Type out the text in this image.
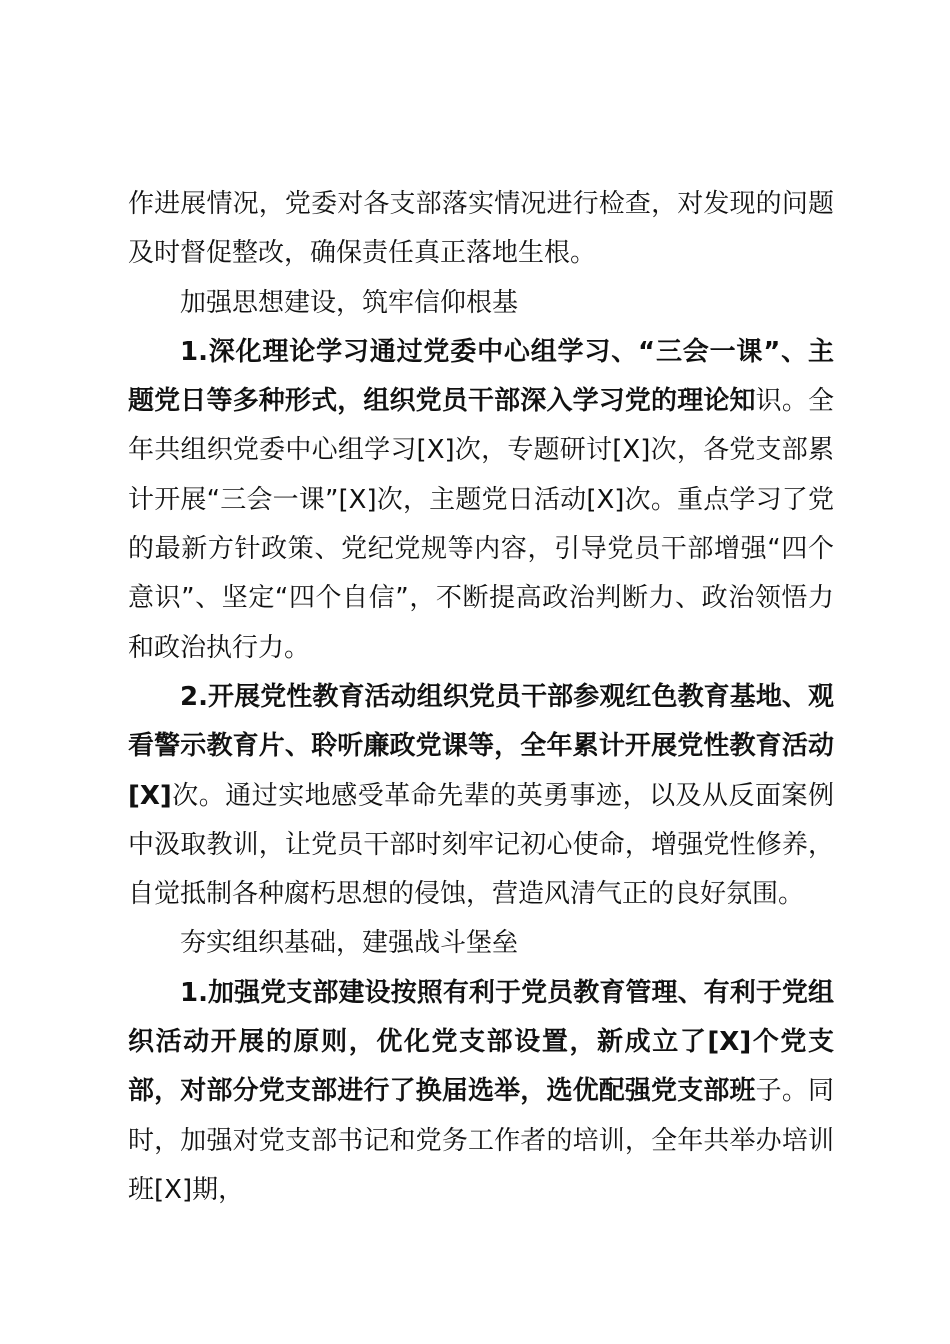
作进展情况，党委对各支部落实情况进行检查，对发现的问题及时督促整改，确保责任真正落地生根。

加强思想建设，筑牢信仰根基

1.深化理论学习通过党委中心组学习、“三会一课”、主题党日等多种形式，组织党员干部深入学习党的理论知识。全年共组织党委中心组学习[X]次，专题研讨[X]次，各党支部累计开展“三会一课”[X]次，主题党日活动[X]次。重点学习了党的最新方针政策、党纪党规等内容，引导党员干部增强“四个意识”、坚定“四个自信”，不断提高政治判断力、政治领悟力和政治执行力。

2.开展党性教育活动组织党员干部参观红色教育基地、观看警示教育片、聆听廉政党课等，全年累计开展党性教育活动[X]次。通过实地感受革命先辈的英勇事迹，以及从反面案例中汲取教训，让党员干部时刻牢记初心使命，增强党性修养，自觉抵制各种腐朽思想的侵蚀，营造风清气正的良好氛围。

夯实组织基础，建强战斗堡垒

1.加强党支部建设按照有利于党员教育管理、有利于党组织活动开展的原则，优化党支部设置，新成立了[X]个党支部，对部分党支部进行了换届选举，选优配强党支部班子。同时，加强对党支部书记和党务工作者的培训，全年共举办培训班[X]期，
